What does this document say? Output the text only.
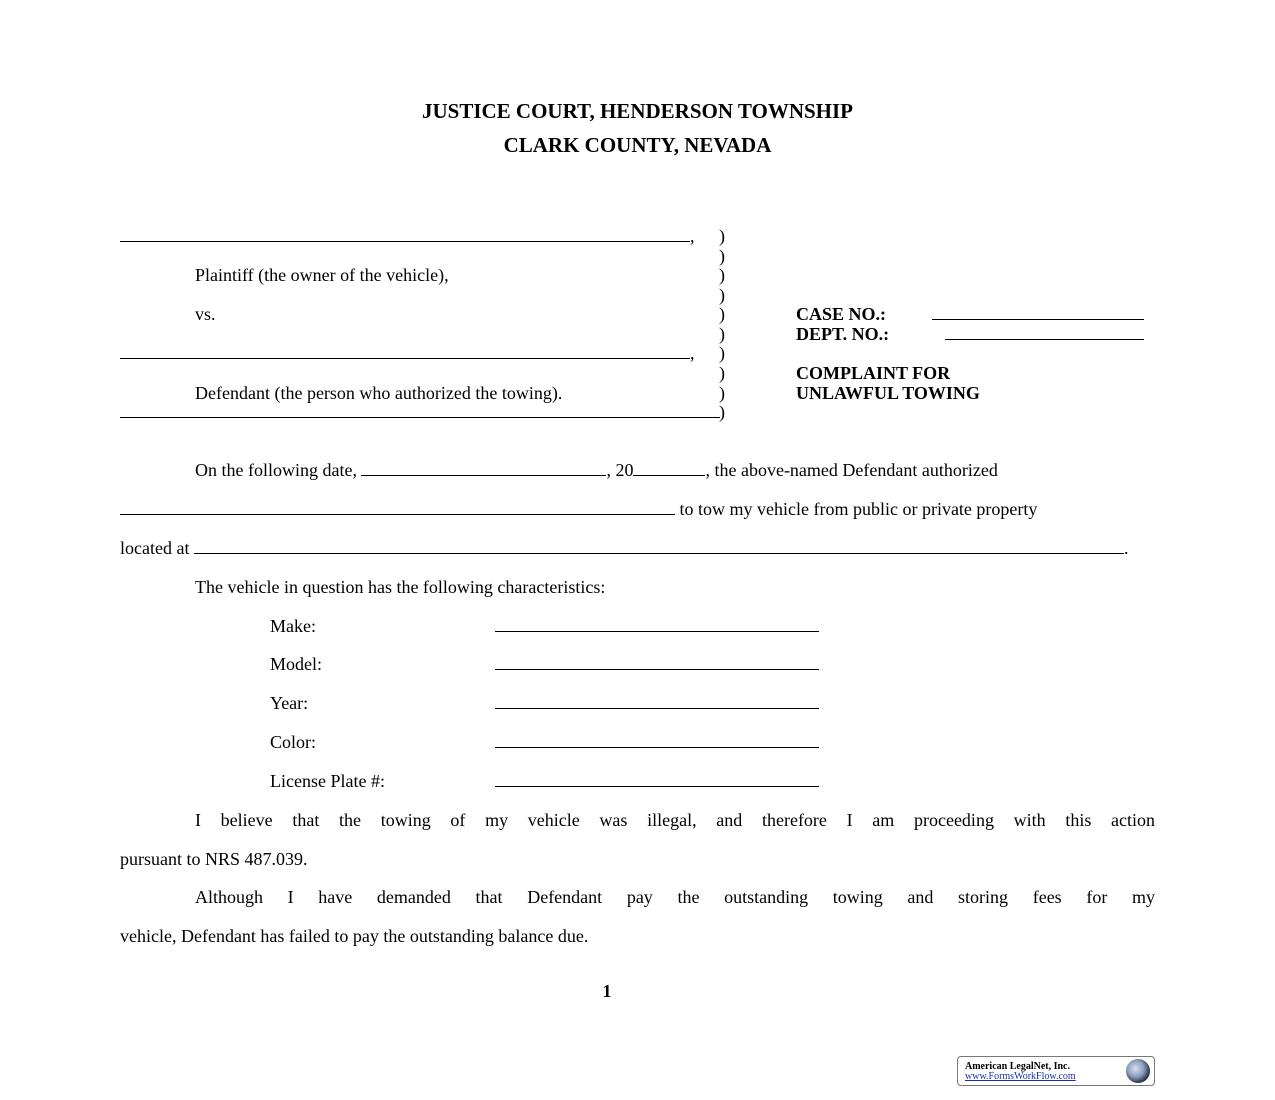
JUSTICE COURT, HENDERSON TOWNSHIP
CLARK COUNTY, NEVADA
,
Plaintiff (the owner of the vehicle),
vs.
,
Defendant (the person who authorized the towing).
)
)
)
)
)
)
)
)
)
)
CASE NO.:
DEPT. NO.:
COMPLAINT FOR
UNLAWFUL TOWING
On the following date,	, 20	, the above-named Defendant authorized
to tow my vehicle from public or private property
located at	.
The vehicle in question has the following characteristics:
Make:
Model:
Year:
Color:
License Plate #:
I believe that the towing of my vehicle was illegal, and therefore I am proceeding with this action
pursuant to NRS 487.039.
Although I have demanded that Defendant pay the outstanding towing and storing fees for my
vehicle, Defendant has failed to pay the outstanding balance due.
1
American LegalNet, Inc.
www.FormsWorkFlow.com
